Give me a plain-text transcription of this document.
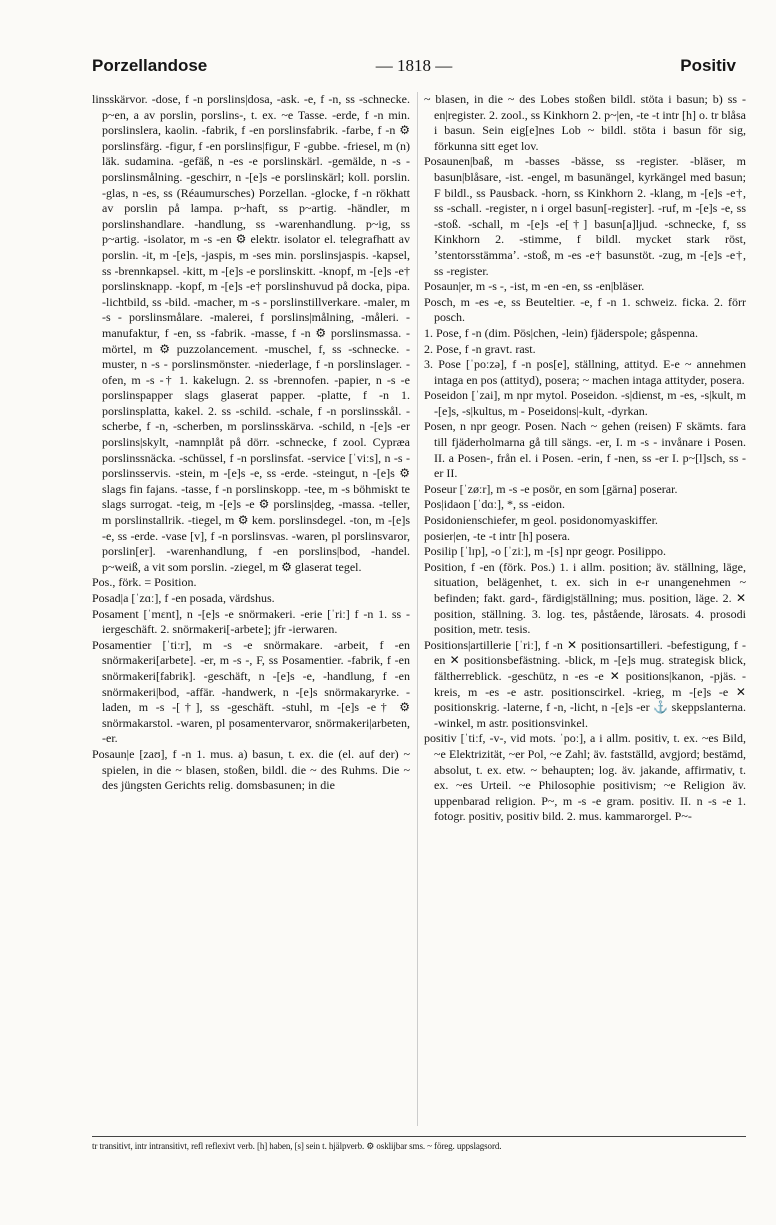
Porzellandose	— 1818 —	Positiv

linsskärvor. -dose, f -n porslins|dosa, -ask. -e, f -n, ss -schnecke. p~en, a av porslin, porslins-, t. ex. ~e Tasse. -erde, f -n min. porslinslera, kaolin. -fabrik, f -en porslinsfabrik. -farbe, f -n ⚙ porslinsfärg. -figur, f -en porslins|figur, F -gubbe. -friesel, m (n) läk. sudamina. -gefäß, n -es -e porslinskärl. -gemälde, n -s - porslinsmålning. -geschirr, n -[e]s -e porslinskärl; koll. porslin. -glas, n -es, ss (Réaumursches) Porzellan. -glocke, f -n rökhatt av porslin på lampa. p~haft, ss p~artig. -händler, m porslinshandlare. -handlung, ss -warenhandlung. p~ig, ss p~artig. -isolator, m -s -en ⚙ elektr. isolator el. telegrafhatt av porslin. -it, m -[e]s, -jaspis, m -ses min. porslinsjaspis. -kapsel, ss -brennkapsel. -kitt, m -[e]s -e porslinskitt. -knopf, m -[e]s -e† porslinsknapp. -kopf, m -[e]s -e† porslinshuvud på dockа, pipa. -lichtbild, ss -bild. -macher, m -s - porslinstillverkare. -maler, m -s - porslinsmålare. -malerei, f porslins|målning, -måleri. -manufaktur, f -en, ss -fabrik. -masse, f -n ⚙ porslinsmassa. -mörtel, m ⚙ puzzolancement. -muschel, f, ss -schnecke. -muster, n -s - porslinsmönster. -niederlage, f -n porslinslager. -ofen, m -s -† 1. kakelugn. 2. ss -brennofen. -papier, n -s -e porslinspapper slags glaserat papper. -platte, f -n 1. porslinsplatta, kakel. 2. ss -schild. -schale, f -n porslinsskål. -scherbe, f -n, -scherben, m porslinsskärva. -schild, n -[e]s -er porslins|skylt, -namnplåt på dörr. -schnecke, f zool. Cypræa porslinssnäcka. -schüssel, f -n porslinsfat. -service [ˈviːs], n -s - porslinsservis. -stein, m -[e]s -e, ss -erde. -steingut, n -[e]s ⚙ slags fin fajans. -tasse, f -n porslinskopp. -tee, m -s böhmiskt te slags surrogat. -teig, m -[e]s -e ⚙ porslins|deg, -massa. -teller, m porslinstallrik. -tiegel, m ⚙ kem. porslinsdegel. -ton, m -[e]s -e, ss -erde. -vase [v], f -n porslinsvas. -waren, pl porslinsvaror, porslin[er]. -warenhandlung, f -en porslins|bod, -handel. p~weiß, a vit som porslin. -ziegel, m ⚙ glaserat tegel.

Pos., förk. = Position.

Posad|a [ˈzɑː], f -en posada, värdshus.

Posament [ˈmɛnt], n -[e]s -e snörmakeri. -erie [ˈriː] f -n 1. ss -iergeschäft. 2. snörmakeri[-arbete]; jfr -ierwaren.

Posamentier [ˈtiːr], m -s -e snörmakare. -arbeit, f -en snörmakeri[arbete]. -er, m -s -, F, ss Posamentier. -fabrik, f -en snörmakeri[fabrik]. -geschäft, n -[e]s -e, -handlung, f -en snörmakeri|bod, -affär. -handwerk, n -[e]s snörmakaryrke. -laden, m -s -[†], ss -geschäft. -stuhl, m -[e]s -e† ⚙ snörmakarstol. -waren, pl posamentervaror, snörmakeri|arbeten, -er.

Posaun|e [zaʊ], f -n 1. mus. a) basun, t. ex. die (el. auf der) ~ spielen, in die ~ blasen, stoßen, bildl. die ~ des Ruhms. Die ~ des jüngsten Gerichts relig. domsbasunen; in die

~ blasen, in die ~ des Lobes stoßen bildl. stöta i basun; b) ss -en|register. 2. zool., ss Kinkhorn 2. p~|en, -te -t intr [h] o. tr blåsa i basun. Sein eig[e]nes Lob ~ bildl. stöta i basun för sig, förkunna sitt eget lov.

Posaunen|baß, m -basses -bässe, ss -register. -bläser, m basun|blåsare, -ist. -engel, m basunängel, kyrkängel med basun; F bildl., ss Pausback. -horn, ss Kinkhorn 2. -klang, m -[e]s -e†, ss -schall. -register, n i orgel basun[-register]. -ruf, m -[e]s -e, ss -stoß. -schall, m -[e]s -e[†] basun[a]ljud. -schnecke, f, ss Kinkhorn 2. -stimme, f bildl. mycket stark röst, ʼstentorsstämmaʼ. -stoß, m -es -e† basunstöt. -zug, m -[e]s -e†, ss -register.

Posaun|er, m -s -, -ist, m -en -en, ss -en|bläser.

Posch, m -es -e, ss Beuteltier. -e, f -n 1. schweiz. ficka. 2. förr posch.

1. Pose, f -n (dim. Pös|chen, -lein) fjäderspole; gåspenna.

2. Pose, f -n gravt. rast.

3. Pose [ˈpoːzə], f -n pos[e], ställning, attityd. E-e ~ annehmen intaga en pos (attityd), posera; ~ machen intaga attityder, posera.

Poseidon [ˈzai], m npr mytol. Poseidon. -s|dienst, m -es, -s|kult, m -[e]s, -s|kultus, m - Poseidons|-kult, -dyrkan.

Posen, n npr geogr. Posen. Nach ~ gehen (reisen) F skämts. fara till fjäderholmarna gå till sängs. -er, I. m -s - invånare i Posen. II. a Posen-, från el. i Posen. -erin, f -nen, ss -er I. p~[l]sch, ss -er II.

Poseur [ˈzøːr], m -s -e posör, en som [gärna] poserar.

Pos|idaon [ˈdɑː], *, ss -eidon.

Posidonienschiefer, m geol. posidonomyaskiffer.

posier|en, -te -t intr [h] posera.

Posilip [ˈlɪp], -o [ˈziː], m -[s] npr geogr. Posilippo.

Position, f -en (förk. Pos.) 1. i allm. position; äv. ställning, läge, situation, belägenhet, t. ex. sich in e-r unangenehmen ~ befinden; fakt. gard-, färdig|ställning; mus. position, läge. 2. ✕ position, ställning. 3. log. tes, påstående, lärosats. 4. prosodi position, metr. tesis.

Positions|artillerie [ˈriː], f -n ✕ positionsartilleri. -befestigung, f -en ✕ positionsbefästning. -blick, m -[e]s mug. strategisk blick, fältherreblick. -geschütz, n -es -e ✕ positions|kanon, -pjäs. -kreis, m -es -e astr. positionscirkel. -krieg, m -[e]s -e ✕ positionskrig. -laterne, f -n, -licht, n -[e]s -er ⚓ skeppslanterna. -winkel, m astr. positionsvinkel.

positiv [ˈtiːf, -v-, vid mots. ˈpoː], a i allm. positiv, t. ex. ~es Bild, ~e Elektrizität, ~er Pol, ~e Zahl; äv. fastställd, avgjord; bestämd, absolut, t. ex. etw. ~ behaupten; log. äv. jakande, affirmativ, t. ex. ~es Urteil. ~e Philosophie positivism; ~e Religion äv. uppenbarad religion. P~, m -s -e gram. positiv. II. n -s -e 1. fotogr. positiv, positiv bild. 2. mus. kammarorgel. P~-

tr transitivt, intr intransitivt, refl reflexivt verb. [h] haben, [s] sein t. hjälpverb. ⚙ osklijbar sms. ~ föreg. uppslagsord.
